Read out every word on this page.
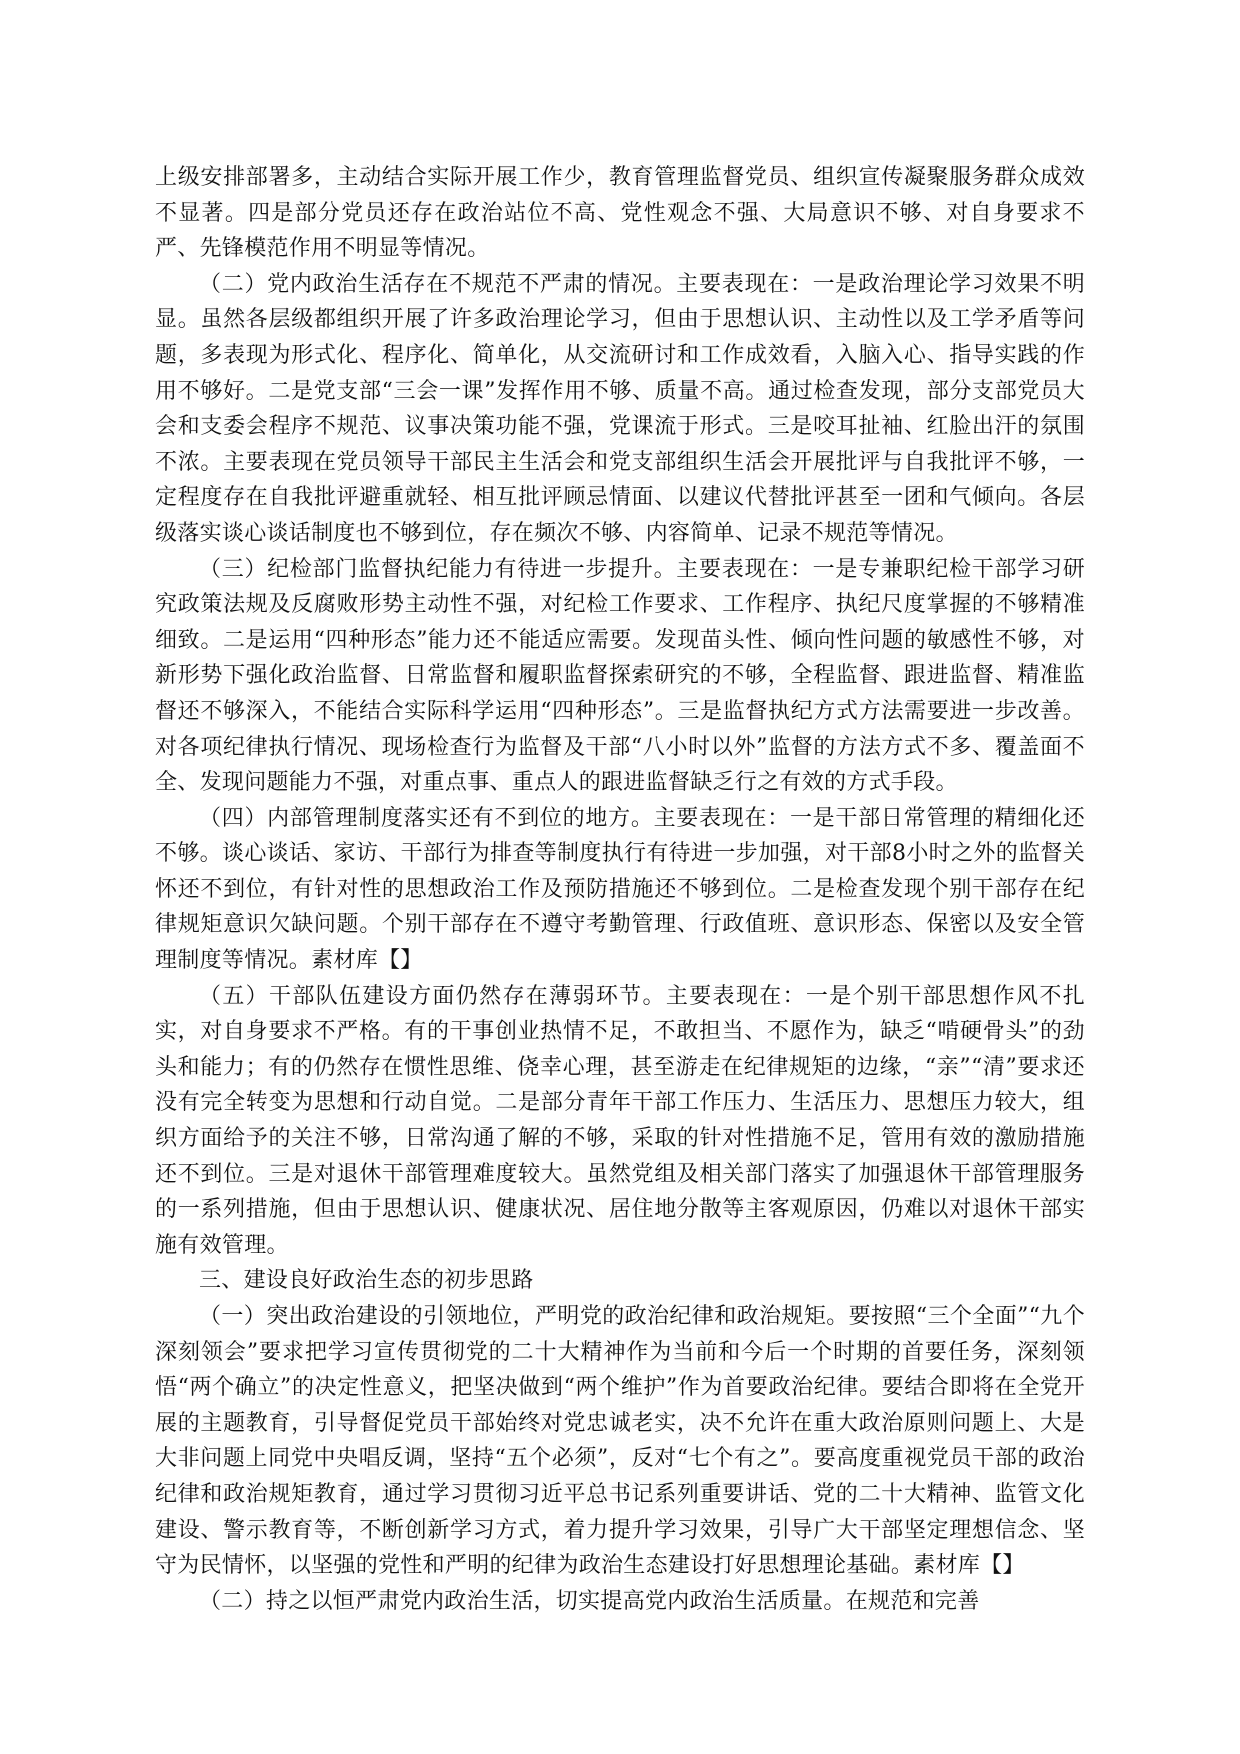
上级安排部署多，主动结合实际开展工作少，教育管理监督党员、组织宣传凝聚服务群众成效不显著。四是部分党员还存在政治站位不高、党性观念不强、大局意识不够、对自身要求不严、先锋模范作用不明显等情况。

（二）党内政治生活存在不规范不严肃的情况。主要表现在：一是政治理论学习效果不明显。虽然各层级都组织开展了许多政治理论学习，但由于思想认识、主动性以及工学矛盾等问题，多表现为形式化、程序化、简单化，从交流研讨和工作成效看，入脑入心、指导实践的作用不够好。二是党支部“三会一课”发挥作用不够、质量不高。通过检查发现，部分支部党员大会和支委会程序不规范、议事决策功能不强，党课流于形式。三是咬耳扯袖、红脸出汗的氛围不浓。主要表现在党员领导干部民主生活会和党支部组织生活会开展批评与自我批评不够，一定程度存在自我批评避重就轻、相互批评顾忌情面、以建议代替批评甚至一团和气倾向。各层级落实谈心谈话制度也不够到位，存在频次不够、内容简单、记录不规范等情况。

（三）纪检部门监督执纪能力有待进一步提升。主要表现在：一是专兼职纪检干部学习研究政策法规及反腐败形势主动性不强，对纪检工作要求、工作程序、执纪尺度掌握的不够精准细致。二是运用“四种形态”能力还不能适应需要。发现苗头性、倾向性问题的敏感性不够，对新形势下强化政治监督、日常监督和履职监督探索研究的不够，全程监督、跟进监督、精准监督还不够深入，不能结合实际科学运用“四种形态”。三是监督执纪方式方法需要进一步改善。对各项纪律执行情况、现场检查行为监督及干部“八小时以外”监督的方法方式不多、覆盖面不全、发现问题能力不强，对重点事、重点人的跟进监督缺乏行之有效的方式手段。

（四）内部管理制度落实还有不到位的地方。主要表现在：一是干部日常管理的精细化还不够。谈心谈话、家访、干部行为排查等制度执行有待进一步加强，对干部8小时之外的监督关怀还不到位，有针对性的思想政治工作及预防措施还不够到位。二是检查发现个别干部存在纪律规矩意识欠缺问题。个别干部存在不遵守考勤管理、行政值班、意识形态、保密以及安全管理制度等情况。素材库【】

（五）干部队伍建设方面仍然存在薄弱环节。主要表现在：一是个别干部思想作风不扎实，对自身要求不严格。有的干事创业热情不足，不敢担当、不愿作为，缺乏“啃硬骨头”的劲头和能力；有的仍然存在惯性思维、侥幸心理，甚至游走在纪律规矩的边缘，“亲”“清”要求还没有完全转变为思想和行动自觉。二是部分青年干部工作压力、生活压力、思想压力较大，组织方面给予的关注不够，日常沟通了解的不够，采取的针对性措施不足，管用有效的激励措施还不到位。三是对退休干部管理难度较大。虽然党组及相关部门落实了加强退休干部管理服务的一系列措施，但由于思想认识、健康状况、居住地分散等主客观原因，仍难以对退休干部实施有效管理。

三、建设良好政治生态的初步思路

（一）突出政治建设的引领地位，严明党的政治纪律和政治规矩。要按照“三个全面”“九个深刻领会”要求把学习宣传贯彻党的二十大精神作为当前和今后一个时期的首要任务，深刻领悟“两个确立”的决定性意义，把坚决做到“两个维护”作为首要政治纪律。要结合即将在全党开展的主题教育，引导督促党员干部始终对党忠诚老实，决不允许在重大政治原则问题上、大是大非问题上同党中央唱反调，坚持“五个必须”，反对“七个有之”。要高度重视党员干部的政治纪律和政治规矩教育，通过学习贯彻习近平总书记系列重要讲话、党的二十大精神、监管文化建设、警示教育等，不断创新学习方式，着力提升学习效果，引导广大干部坚定理想信念、坚守为民情怀，以坚强的党性和严明的纪律为政治生态建设打好思想理论基础。素材库【】

（二）持之以恒严肃党内政治生活，切实提高党内政治生活质量。在规范和完善
